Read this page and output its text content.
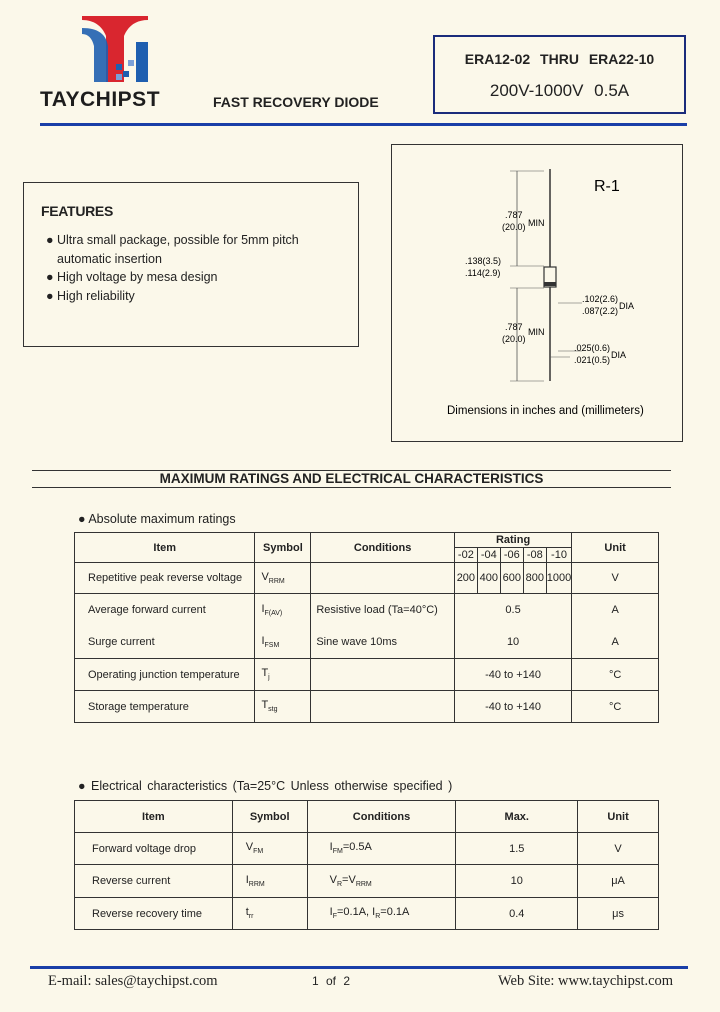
TAYCHIPST	FAST RECOVERY DIODE
ERA12-02 THRU ERA22-10
200V-1000V 0.5A
FEATURES
● Ultra small package, possible for 5mm pitch automatic insertion
● High voltage by mesa design
● High reliability
R-1
.787
(20.0) MIN
.138(3.5)
.114(2.9)
.102(2.6)
.087(2.2) DIA
.787
(20.0)
MIN
.025(0.6)
.021(0.5) DIA
Dimensions in inches and (millimeters)
MAXIMUM RATINGS AND ELECTRICAL CHARACTERISTICS
● Absolute maximum ratings
Item	Symbol	Conditions	Rating					Unit
			-02	-04	-06	-08	-10	
Repetitive peak reverse voltage	$V_{RRM}$		200	400	600	800	1000	V
Average forward current	$I_{F(AV)}$	Resistive load (Ta=40°C)	0.5					A
Surge current	$I_{FSM}$	Sine wave 10ms	10					A
Operating junction temperature	$T_j$		-40 to +140					°C
Storage temperature	$T_{stg}$		-40 to +140					°C
● Electrical characteristics (Ta=25°C Unless otherwise specified )
Item	Symbol	Conditions	Max.	Unit
Forward voltage drop	$V_{FM}$	$I_{FM}=0.5A$	1.5	V
Reverse current	$I_{RRM}$	$V_R=V_{RRM}$	10	μA
Reverse recovery time	$t_{rr}$	$I_F=0.1A$, $I_R=0.1A$	0.4	μs
E-mail: sales@taychipst.com	1 of 2	Web Site: www.taychipst.com
